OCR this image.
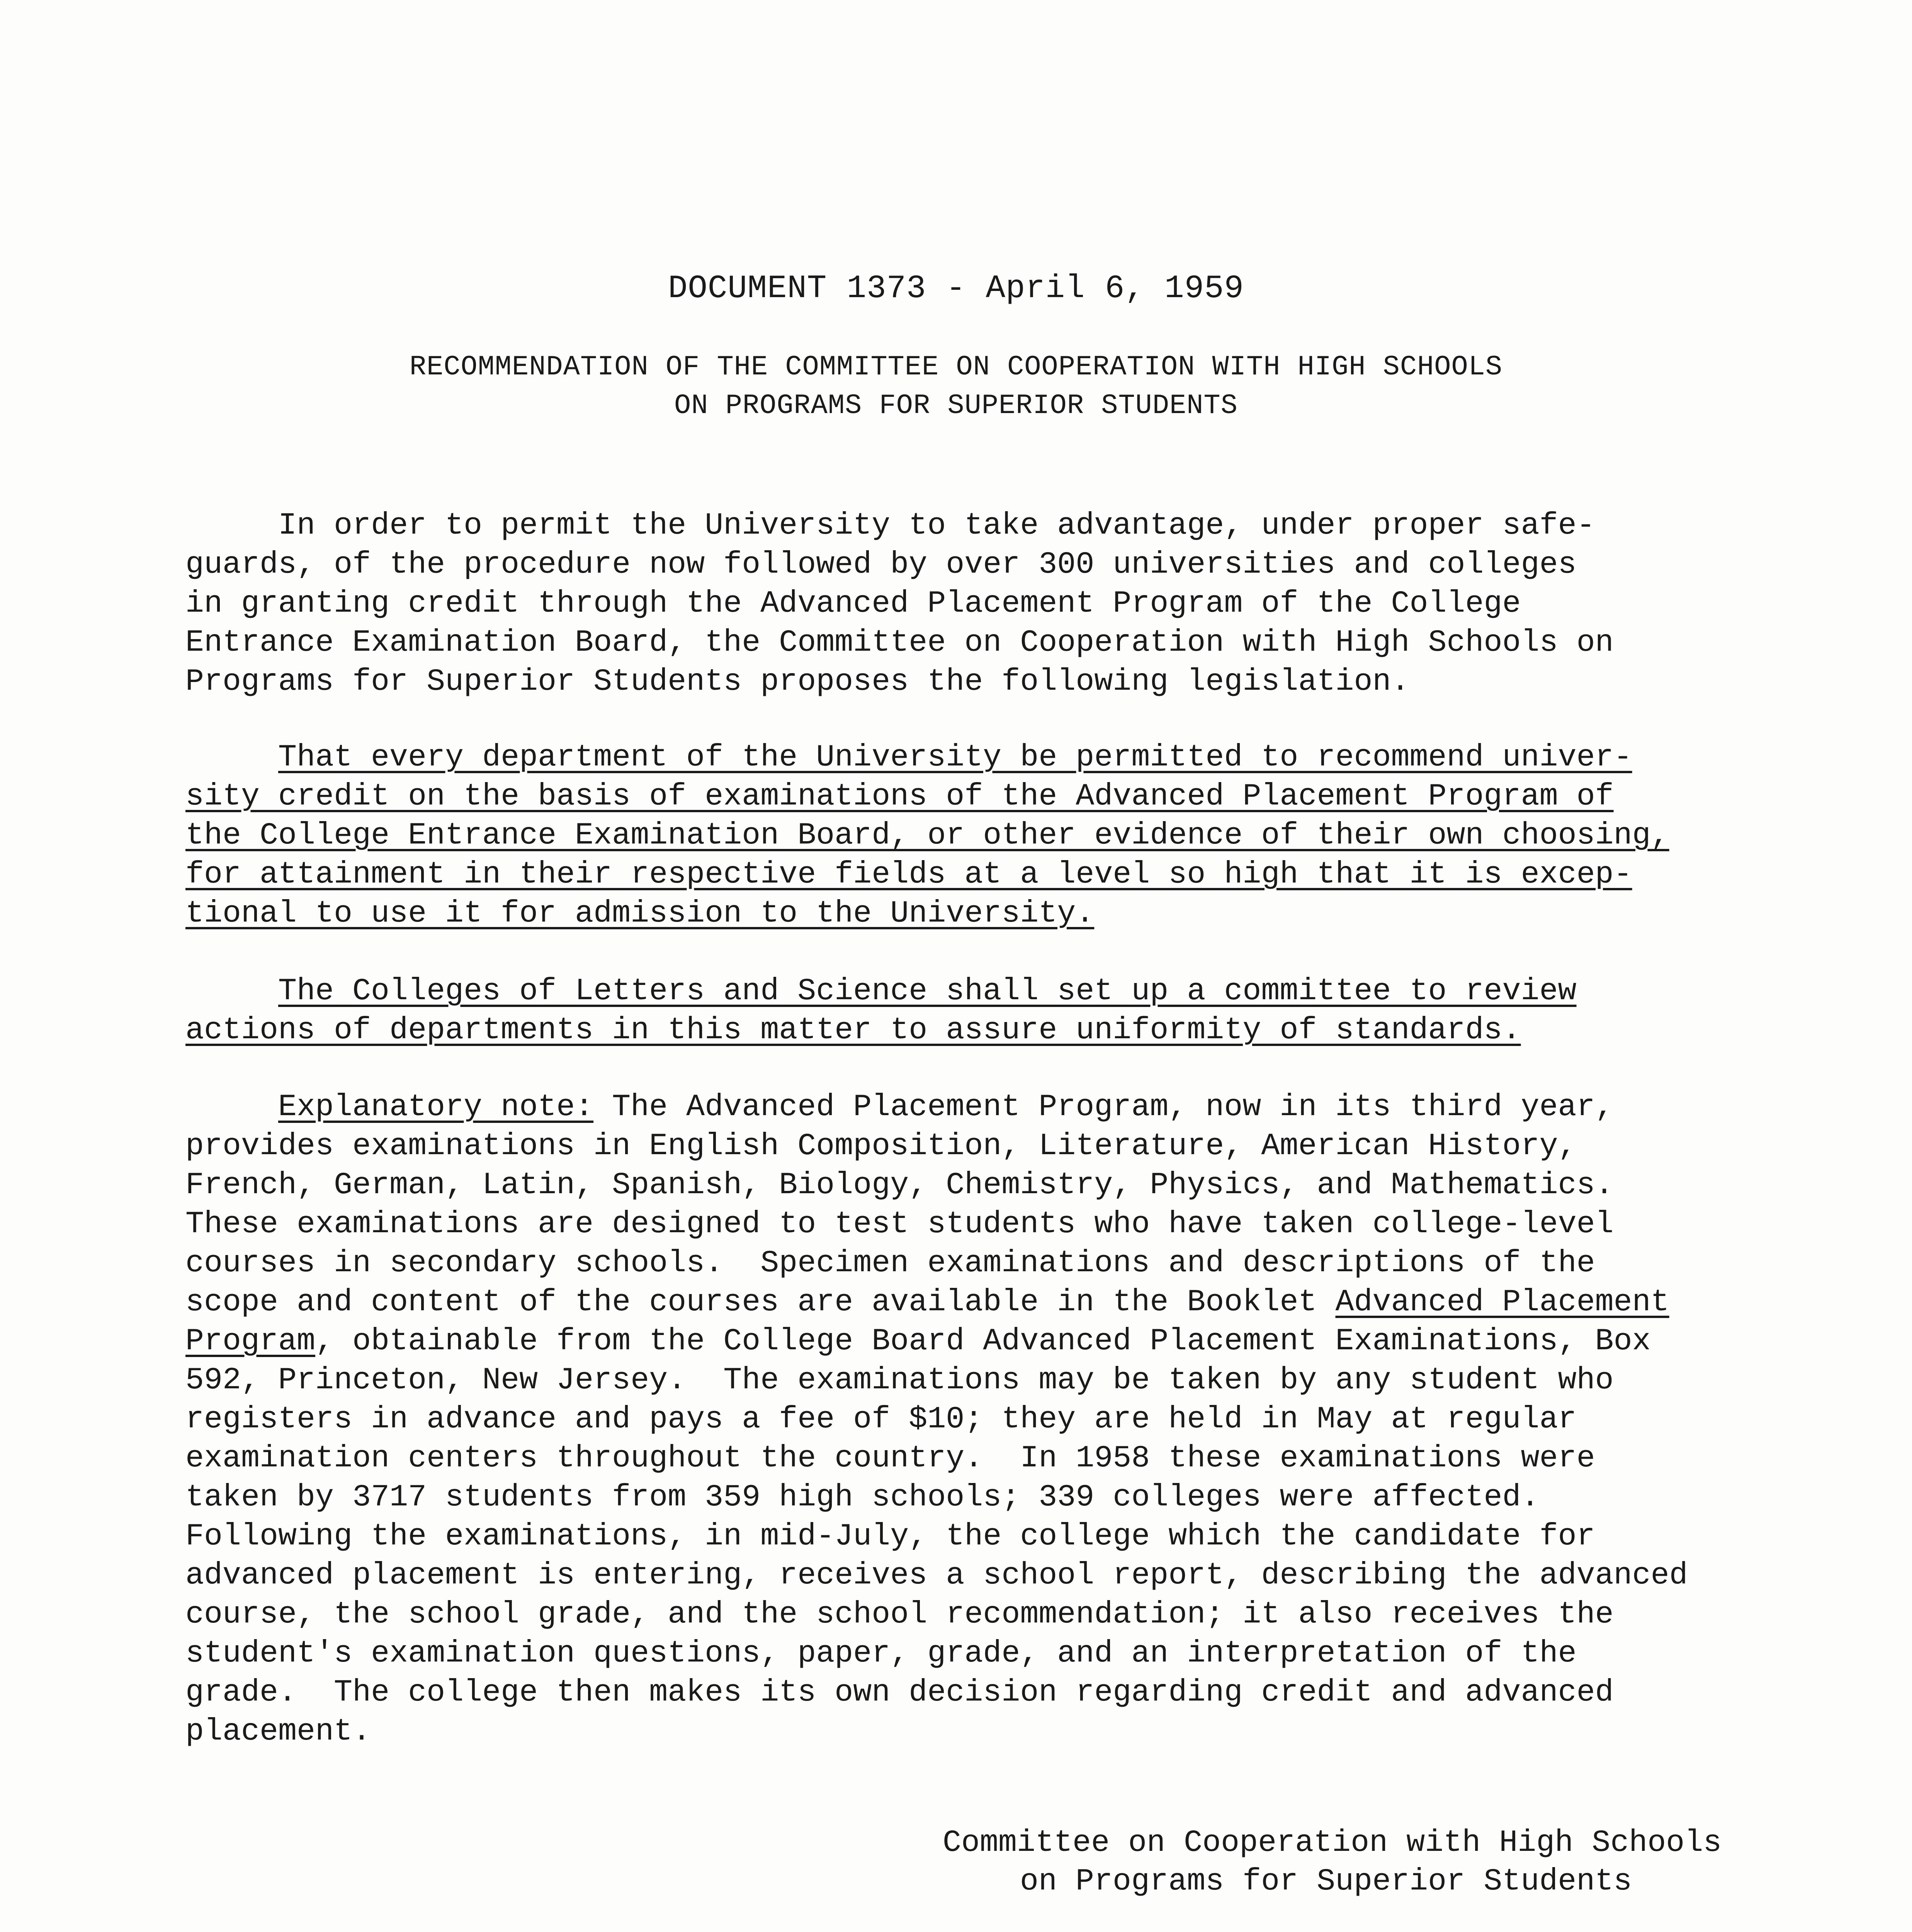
DOCUMENT 1373 - April 6, 1959
RECOMMENDATION OF THE COMMITTEE ON COOPERATION WITH HIGH SCHOOLS
ON PROGRAMS FOR SUPERIOR STUDENTS
In order to permit the University to take advantage, under proper safe-
guards, of the procedure now followed by over 300 universities and colleges
in granting credit through the Advanced Placement Program of the College
Entrance Examination Board, the Committee on Cooperation with High Schools on
Programs for Superior Students proposes the following legislation.
That every department of the University be permitted to recommend univer-
sity credit on the basis of examinations of the Advanced Placement Program of
the College Entrance Examination Board, or other evidence of their own choosing,
for attainment in their respective fields at a level so high that it is excep-
tional to use it for admission to the University.
The Colleges of Letters and Science shall set up a committee to review
actions of departments in this matter to assure uniformity of standards.
Explanatory note: The Advanced Placement Program, now in its third year,
provides examinations in English Composition, Literature, American History,
French, German, Latin, Spanish, Biology, Chemistry, Physics, and Mathematics.
These examinations are designed to test students who have taken college-level
courses in secondary schools.  Specimen examinations and descriptions of the
scope and content of the courses are available in the Booklet Advanced Placement
Program, obtainable from the College Board Advanced Placement Examinations, Box
592, Princeton, New Jersey.  The examinations may be taken by any student who
registers in advance and pays a fee of $10; they are held in May at regular
examination centers throughout the country.  In 1958 these examinations were
taken by 3717 students from 359 high schools; 339 colleges were affected.
Following the examinations, in mid-July, the college which the candidate for
advanced placement is entering, receives a school report, describing the advanced
course, the school grade, and the school recommendation; it also receives the
student's examination questions, paper, grade, and an interpretation of the
grade.  The college then makes its own decision regarding credit and advanced
placement.
Committee on Cooperation with High Schools
on Programs for Superior Students
